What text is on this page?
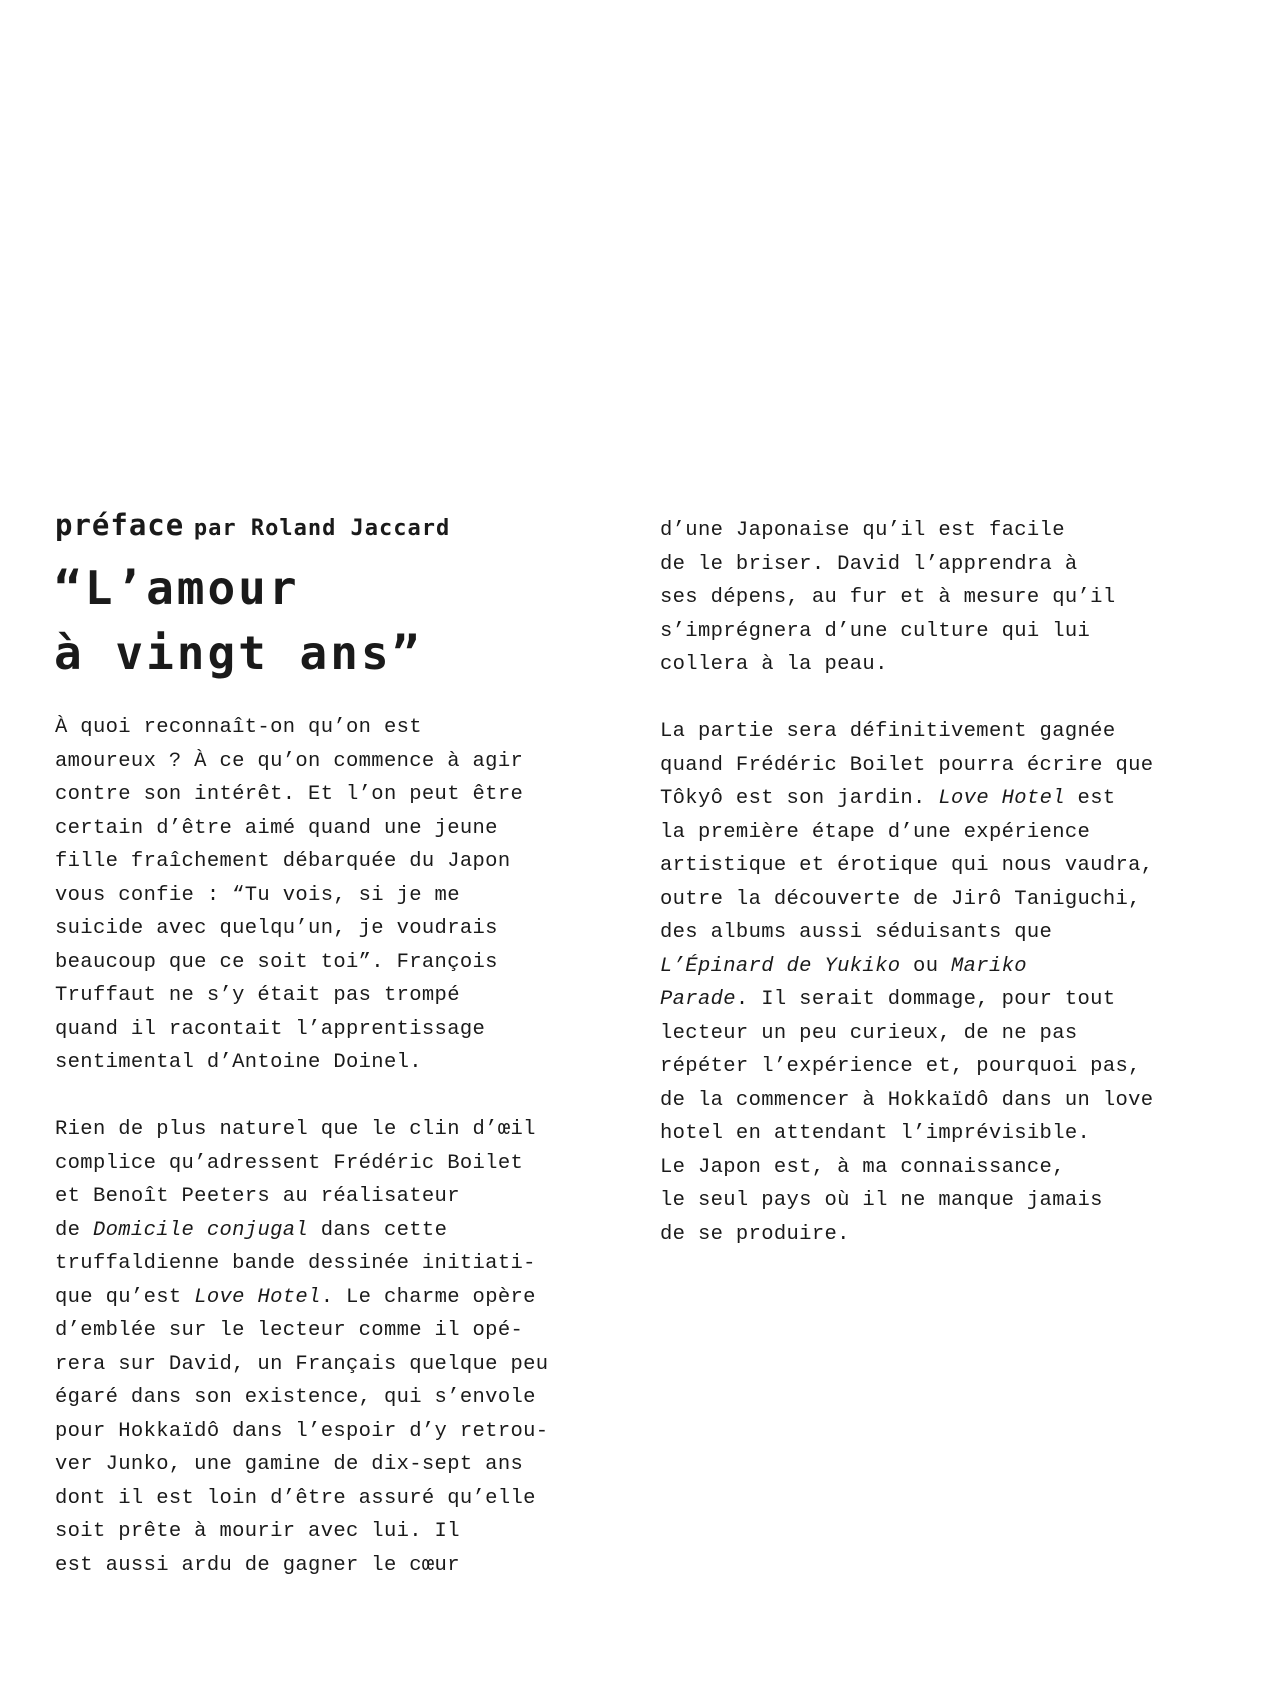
préface par Roland Jaccard
“L’amour
à vingt ans”
À quoi reconnaît-on qu’on est
amoureux ? À ce qu’on commence à agir
contre son intérêt. Et l’on peut être
certain d’être aimé quand une jeune
fille fraîchement débarquée du Japon
vous confie : “Tu vois, si je me
suicide avec quelqu’un, je voudrais
beaucoup que ce soit toi”. François
Truffaut ne s’y était pas trompé
quand il racontait l’apprentissage
sentimental d’Antoine Doinel.
Rien de plus naturel que le clin d’œil
complice qu’adressent Frédéric Boilet
et Benoît Peeters au réalisateur
de Domicile conjugal dans cette
truffaldienne bande dessinée initiati-
que qu’est Love Hotel. Le charme opère
d’emblée sur le lecteur comme il opé-
rera sur David, un Français quelque peu
égaré dans son existence, qui s’envole
pour Hokkaïdô dans l’espoir d’y retrou-
ver Junko, une gamine de dix-sept ans
dont il est loin d’être assuré qu’elle
soit prête à mourir avec lui. Il
est aussi ardu de gagner le cœur
d’une Japonaise qu’il est facile
de le briser. David l’apprendra à
ses dépens, au fur et à mesure qu’il
s’imprégnera d’une culture qui lui
collera à la peau.
La partie sera définitivement gagnée
quand Frédéric Boilet pourra écrire que
Tôkyô est son jardin. Love Hotel est
la première étape d’une expérience
artistique et érotique qui nous vaudra,
outre la découverte de Jirô Taniguchi,
des albums aussi séduisants que
L’Épinard de Yukiko ou Mariko
Parade. Il serait dommage, pour tout
lecteur un peu curieux, de ne pas
répéter l’expérience et, pourquoi pas,
de la commencer à Hokkaïdô dans un love
hotel en attendant l’imprévisible.
Le Japon est, à ma connaissance,
le seul pays où il ne manque jamais
de se produire.
